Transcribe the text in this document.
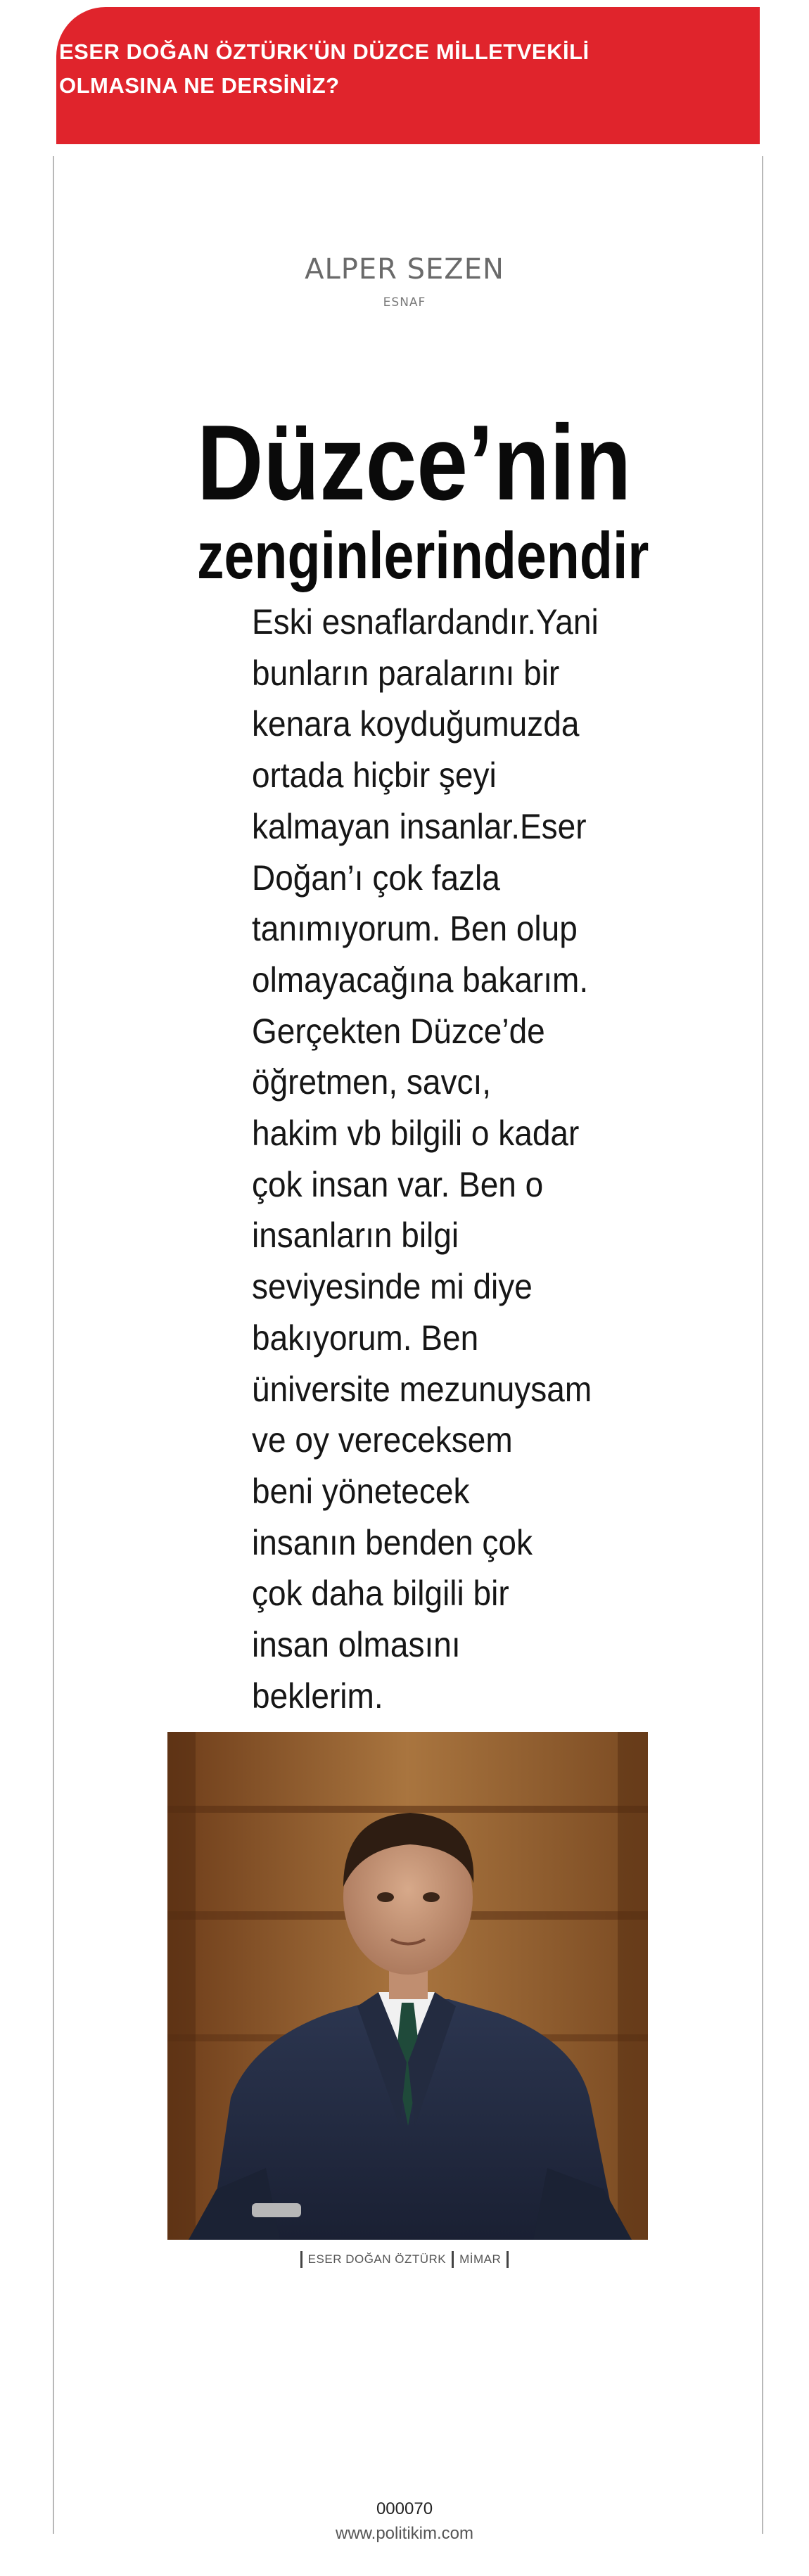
ESER DOĞAN ÖZTÜRK'ÜN DÜZCE MİLLETVEKİLİ OLMASINA NE DERSİNİZ?

ALPER SEZEN

ESNAF

Düzce’nin
zenginlerindendir

Eski esnaflardandır.Yani
bunların paralarını bir
kenara koyduğumuzda
ortada hiçbir şeyi
kalmayan insanlar.Eser
Doğan’ı çok fazla
tanımıyorum. Ben olup
olmayacağına bakarım.
Gerçekten Düzce’de
öğretmen, savcı,
hakim vb bilgili o kadar
çok insan var. Ben o
insanların bilgi
seviyesinde mi diye
bakıyorum. Ben
üniversite mezunuysam
ve oy vereceksem
beni yönetecek
insanın benden çok
çok daha bilgili bir
insan olmasını
beklerim.

ESER DOĞAN ÖZTÜRK MİMAR

000070

www.politikim.com
